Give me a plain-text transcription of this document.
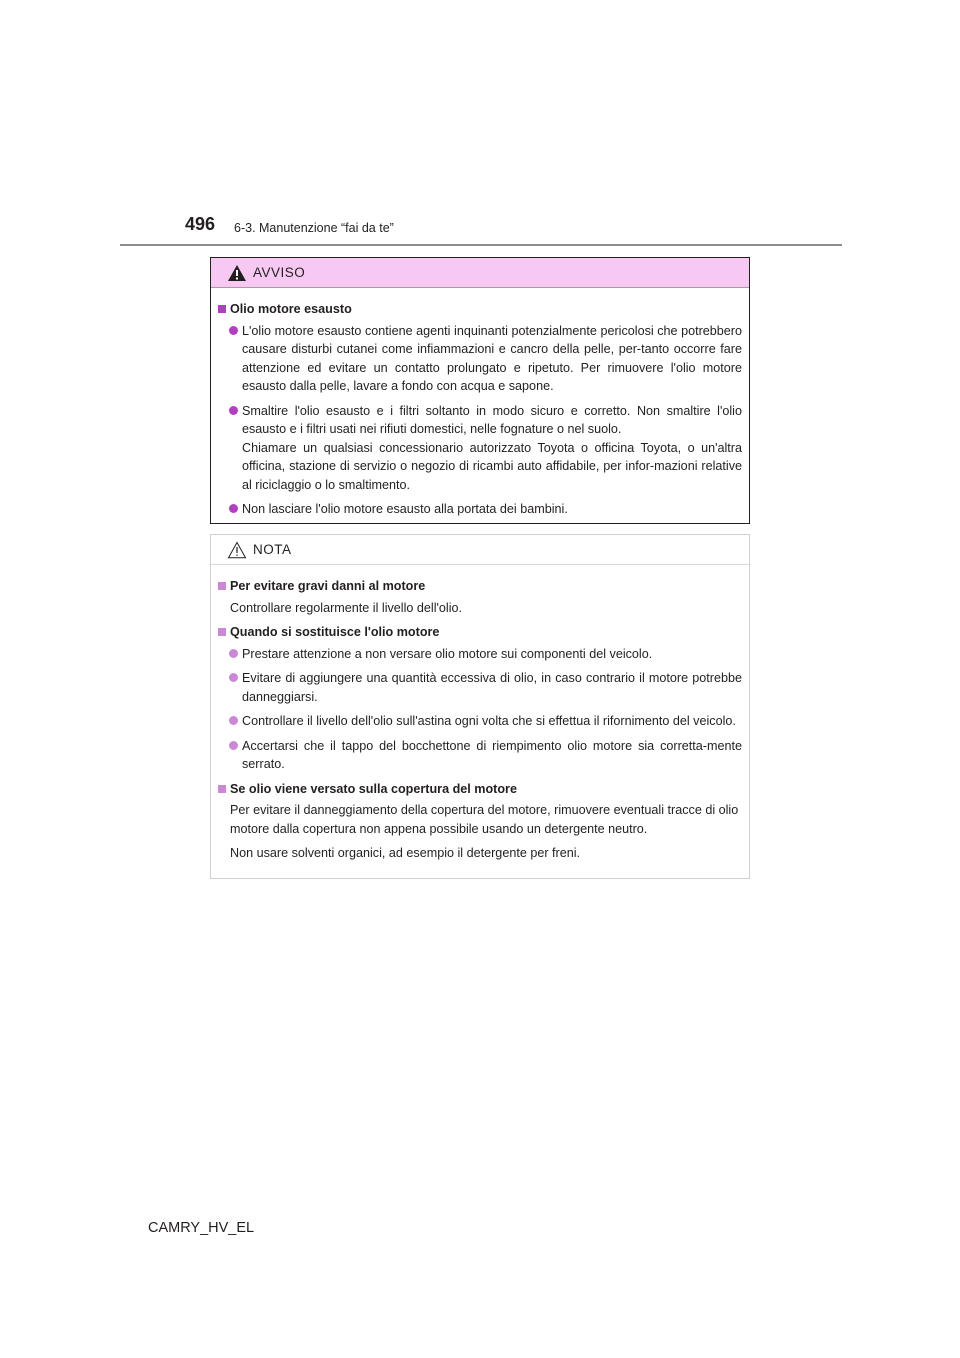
496 6-3. Manutenzione “fai da te”
AVVISO
Olio motore esausto
L'olio motore esausto contiene agenti inquinanti potenzialmente pericolosi che potrebbero causare disturbi cutanei come infiammazioni e cancro della pelle, per-tanto occorre fare attenzione ed evitare un contatto prolungato e ripetuto. Per rimuovere l'olio motore esausto dalla pelle, lavare a fondo con acqua e sapone.
Smaltire l'olio esausto e i filtri soltanto in modo sicuro e corretto. Non smaltire l'olio esausto e i filtri usati nei rifiuti domestici, nelle fognature o nel suolo.
Chiamare un qualsiasi concessionario autorizzato Toyota o officina Toyota, o un'altra officina, stazione di servizio o negozio di ricambi auto affidabile, per infor-mazioni relative al riciclaggio o lo smaltimento.
Non lasciare l'olio motore esausto alla portata dei bambini.
NOTA
Per evitare gravi danni al motore
Controllare regolarmente il livello dell'olio.
Quando si sostituisce l'olio motore
Prestare attenzione a non versare olio motore sui componenti del veicolo.
Evitare di aggiungere una quantità eccessiva di olio, in caso contrario il motore potrebbe danneggiarsi.
Controllare il livello dell'olio sull'astina ogni volta che si effettua il rifornimento del veicolo.
Accertarsi che il tappo del bocchettone di riempimento olio motore sia corretta-mente serrato.
Se olio viene versato sulla copertura del motore
Per evitare il danneggiamento della copertura del motore, rimuovere eventuali tracce di olio motore dalla copertura non appena possibile usando un detergente neutro.
Non usare solventi organici, ad esempio il detergente per freni.
CAMRY_HV_EL
